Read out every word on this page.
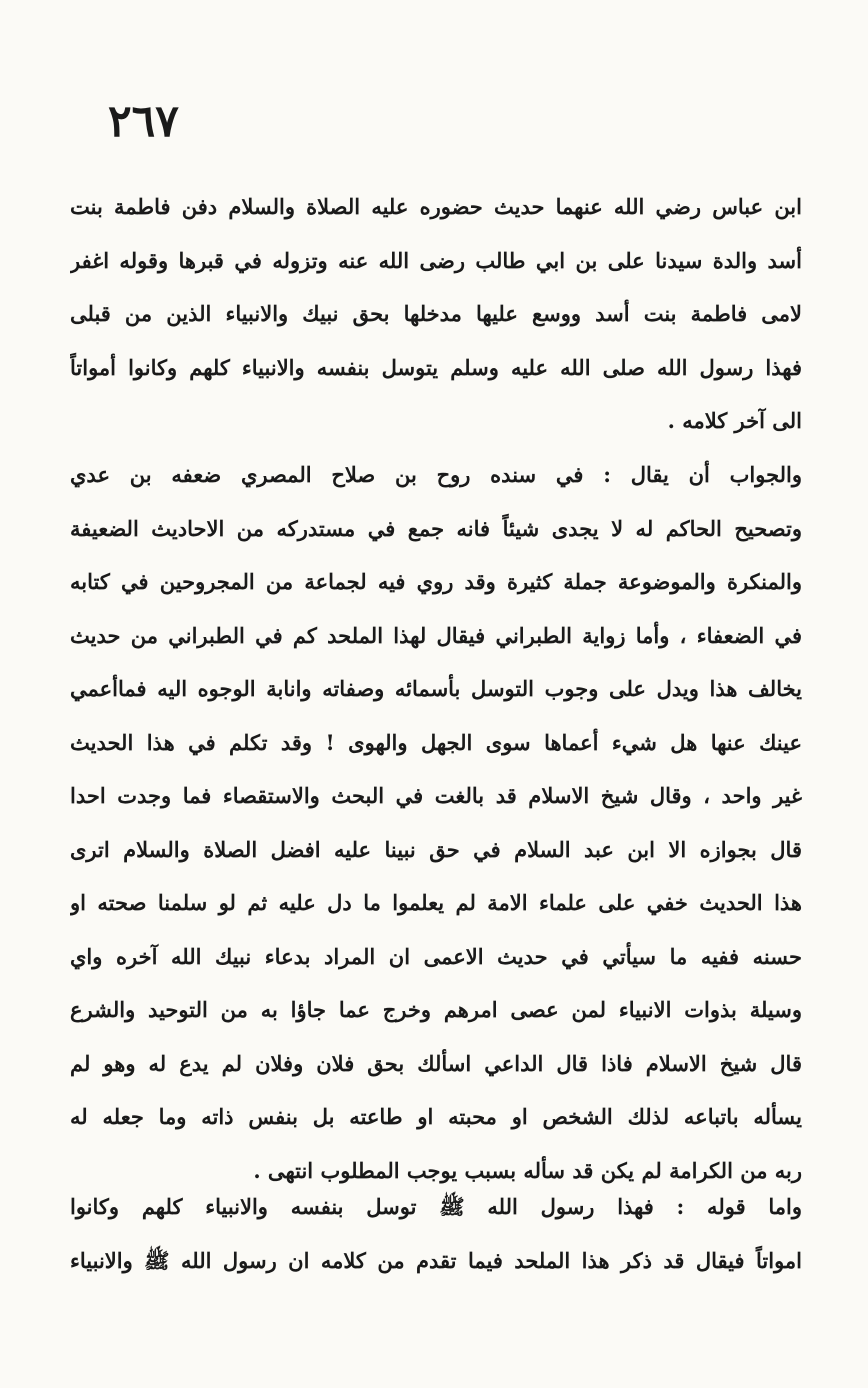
٢٦٧
ابن عباس رضي الله عنهما حديث حضوره عليه الصلاة والسلام دفن فاطمة بنت
أسد والدة سيدنا على بن ابي طالب رضى الله عنه وتزوله في قبرها وقوله اغفر
لامى فاطمة بنت أسد ووسع عليها مدخلها بحق نبيك والانبياء الذين من قبلى
فهذا رسول الله صلى الله عليه وسلم يتوسل بنفسه والانبياء كلهم وكانوا أمواتاً
الى آخر كلامه .
والجواب أن يقال : في سنده روح بن صلاح المصري ضعفه بن عدي
وتصحيح الحاكم له لا يجدى شيئاً فانه جمع في مستدركه من الاحاديث الضعيفة
والمنكرة والموضوعة جملة كثيرة وقد روي فيه لجماعة من المجروحين في كتابه
في الضعفاء ، وأما زواية الطبراني فيقال لهذا الملحد كم في الطبراني من حديث
يخالف هذا ويدل على وجوب التوسل بأسمائه وصفاته وانابة الوجوه اليه فماأعمي
عينك عنها هل شيء أعماها سوى الجهل والهوى ! وقد تكلم في هذا الحديث
غير واحد ، وقال شيخ الاسلام قد بالغت في البحث والاستقصاء فما وجدت احدا
قال بجوازه الا ابن عبد السلام في حق نبينا عليه افضل الصلاة والسلام اترى
هذا الحديث خفي على علماء الامة لم يعلموا ما دل عليه ثم لو سلمنا صحته او
حسنه ففيه ما سيأتي في حديث الاعمى ان المراد بدعاء نبيك الله آخره واي
وسيلة بذوات الانبياء لمن عصى امرهم وخرج عما جاؤا به من التوحيد والشرع
قال شيخ الاسلام فاذا قال الداعي اسألك بحق فلان وفلان لم يدع له وهو لم
يسأله باتباعه لذلك الشخص او محبته او طاعته بل بنفس ذاته وما جعله له
ربه من الكرامة لم يكن قد سأله بسبب يوجب المطلوب انتهى .
واما قوله : فهذا رسول الله ﷺ توسل بنفسه والانبياء كلهم وكانوا
امواتاً فيقال قد ذكر هذا الملحد فيما تقدم من كلامه ان رسول الله ﷺ والانبياء
